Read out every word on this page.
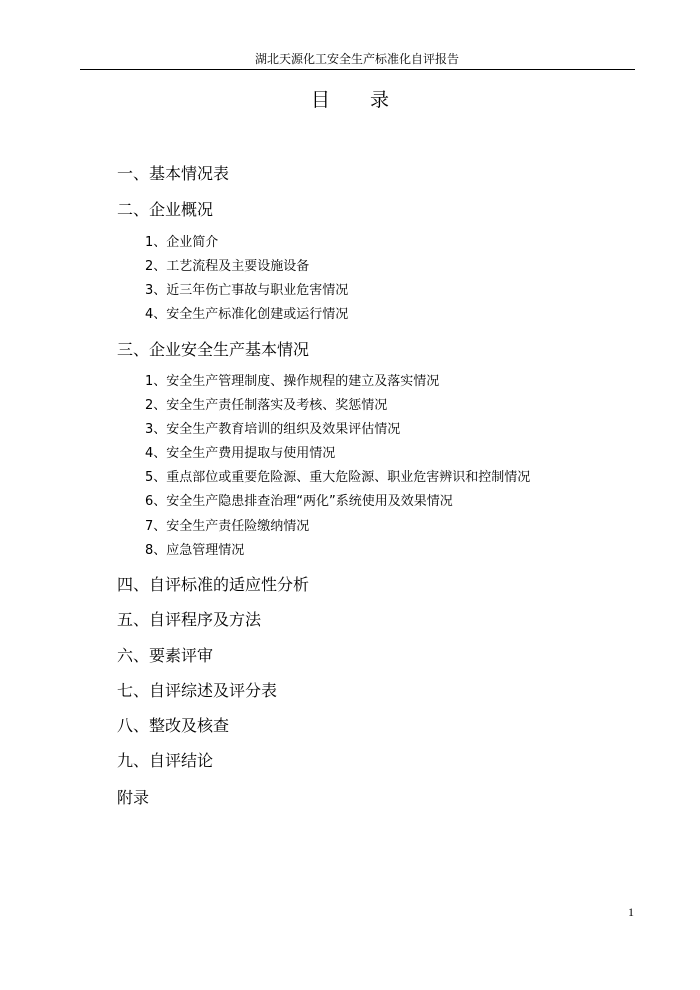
湖北天源化工安全生产标准化自评报告
目录
一、基本情况表
二、企业概况
1、企业简介
2、工艺流程及主要设施设备
3、近三年伤亡事故与职业危害情况
4、安全生产标准化创建或运行情况
三、企业安全生产基本情况
1、安全生产管理制度、操作规程的建立及落实情况
2、安全生产责任制落实及考核、奖惩情况
3、安全生产教育培训的组织及效果评估情况
4、安全生产费用提取与使用情况
5、重点部位或重要危险源、重大危险源、职业危害辨识和控制情况
6、安全生产隐患排查治理“两化”系统使用及效果情况
7、安全生产责任险缴纳情况
8、应急管理情况
四、自评标准的适应性分析
五、自评程序及方法
六、要素评审
七、自评综述及评分表
八、整改及核查
九、自评结论
附录
1
